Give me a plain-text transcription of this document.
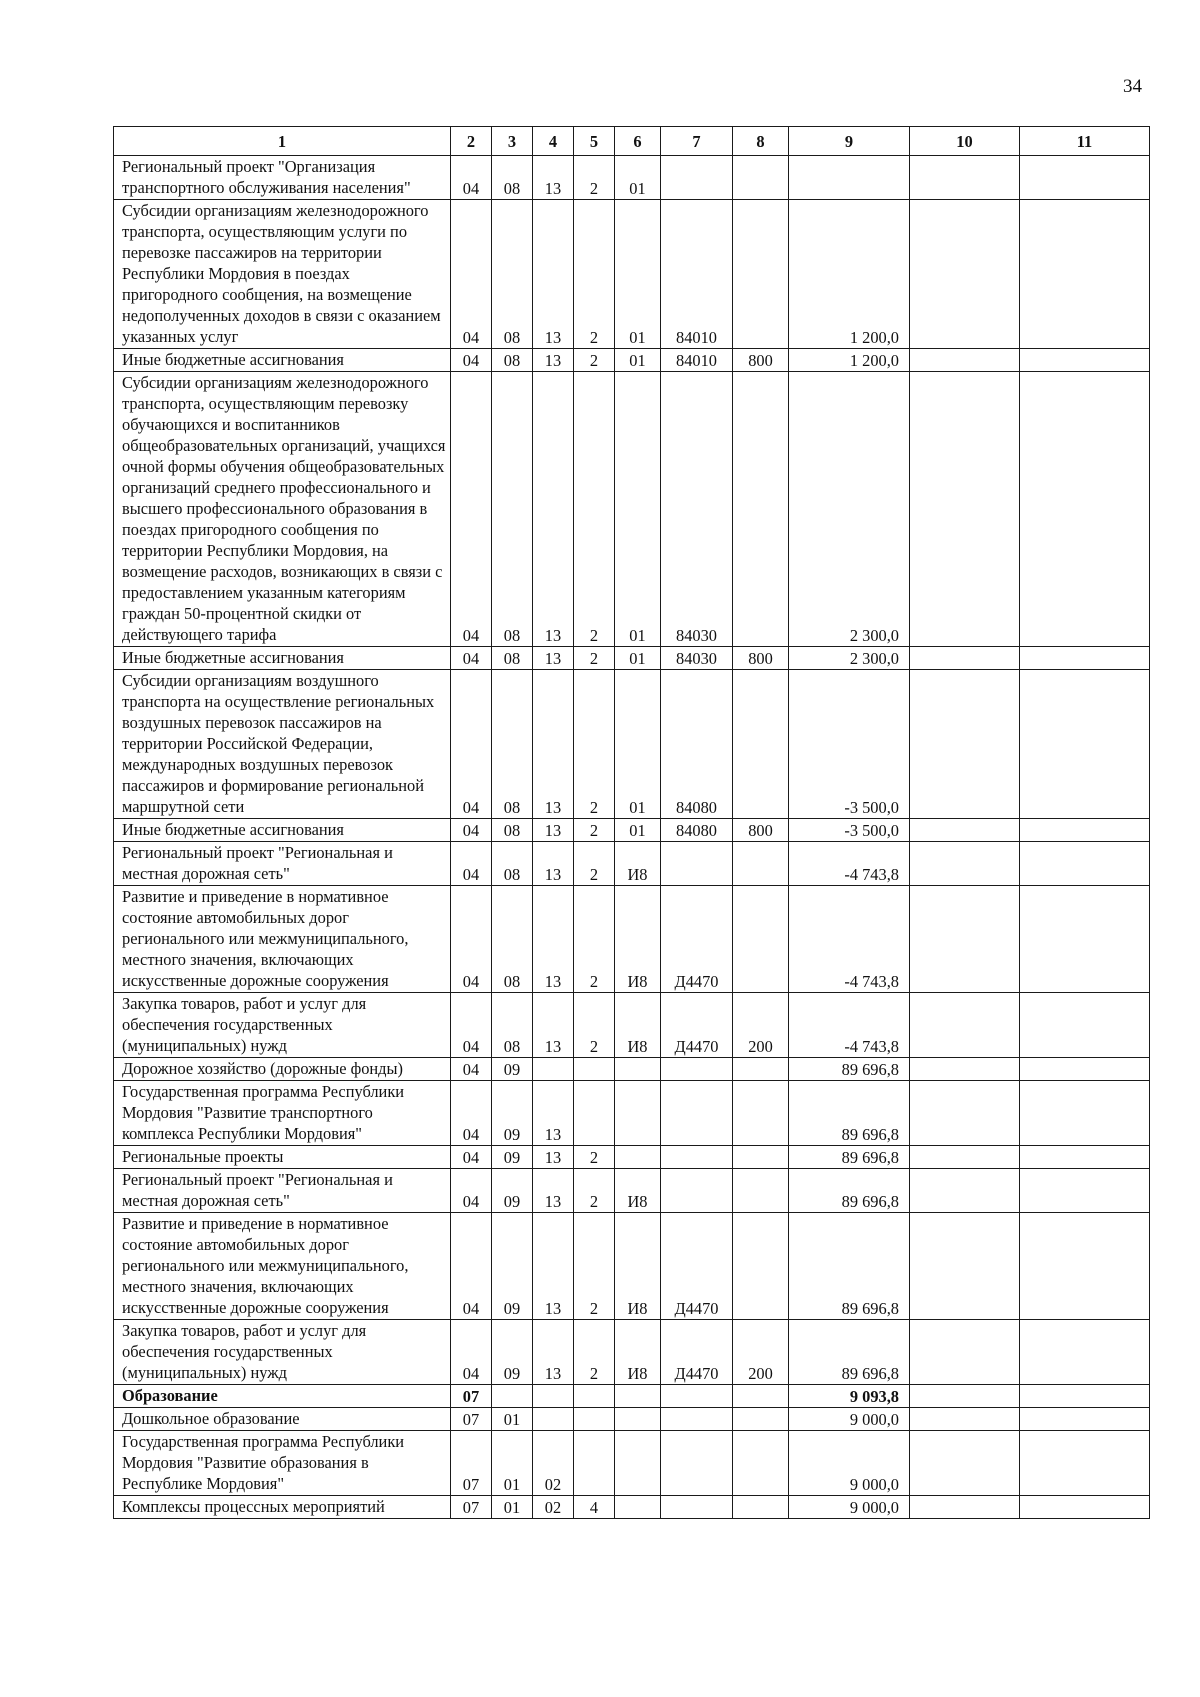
34
1	2	3	4	5	6	7	8	9	10	11
Региональный проект "Организация транспортного обслуживания населения"	04	08	13	2	01					
Субсидии организациям железнодорожного транспорта, осуществляющим услуги по перевозке пассажиров на территории Республики Мордовия в поездах пригородного сообщения, на возмещение недополученных доходов в связи с оказанием указанных услуг	04	08	13	2	01	84010		1 200,0		
Иные бюджетные ассигнования	04	08	13	2	01	84010	800	1 200,0		
Субсидии организациям железнодорожного транспорта, осуществляющим перевозку обучающихся и воспитанников общеобразовательных организаций, учащихся очной формы обучения общеобразовательных организаций среднего профессионального и высшего профессионального образования в поездах пригородного сообщения по территории Республики Мордовия, на возмещение расходов, возникающих в связи с предоставлением указанным категориям граждан 50-процентной скидки от действующего тарифа	04	08	13	2	01	84030		2 300,0		
Иные бюджетные ассигнования	04	08	13	2	01	84030	800	2 300,0		
Субсидии организациям воздушного транспорта на осуществление региональных воздушных перевозок пассажиров на территории Российской Федерации, международных воздушных перевозок пассажиров и формирование региональной маршрутной сети	04	08	13	2	01	84080		-3 500,0		
Иные бюджетные ассигнования	04	08	13	2	01	84080	800	-3 500,0		
Региональный проект "Региональная и местная дорожная сеть"	04	08	13	2	И8			-4 743,8		
Развитие и приведение в нормативное состояние автомобильных дорог регионального или межмуниципального, местного значения, включающих искусственные дорожные сооружения	04	08	13	2	И8	Д4470		-4 743,8		
Закупка товаров, работ и услуг для обеспечения государственных (муниципальных) нужд	04	08	13	2	И8	Д4470	200	-4 743,8		
Дорожное хозяйство (дорожные фонды)	04	09						89 696,8		
Государственная программа Республики Мордовия "Развитие транспортного комплекса Республики Мордовия"	04	09	13					89 696,8		
Региональные проекты	04	09	13	2				89 696,8		
Региональный проект "Региональная и местная дорожная сеть"	04	09	13	2	И8			89 696,8		
Развитие и приведение в нормативное состояние автомобильных дорог регионального или межмуниципального, местного значения, включающих искусственные дорожные сооружения	04	09	13	2	И8	Д4470		89 696,8		
Закупка товаров, работ и услуг для обеспечения государственных (муниципальных) нужд	04	09	13	2	И8	Д4470	200	89 696,8		
Образование	07							9 093,8		
Дошкольное образование	07	01						9 000,0		
Государственная программа Республики Мордовия "Развитие образования в Республике Мордовия"	07	01	02					9 000,0		
Комплексы процессных мероприятий	07	01	02	4				9 000,0		
